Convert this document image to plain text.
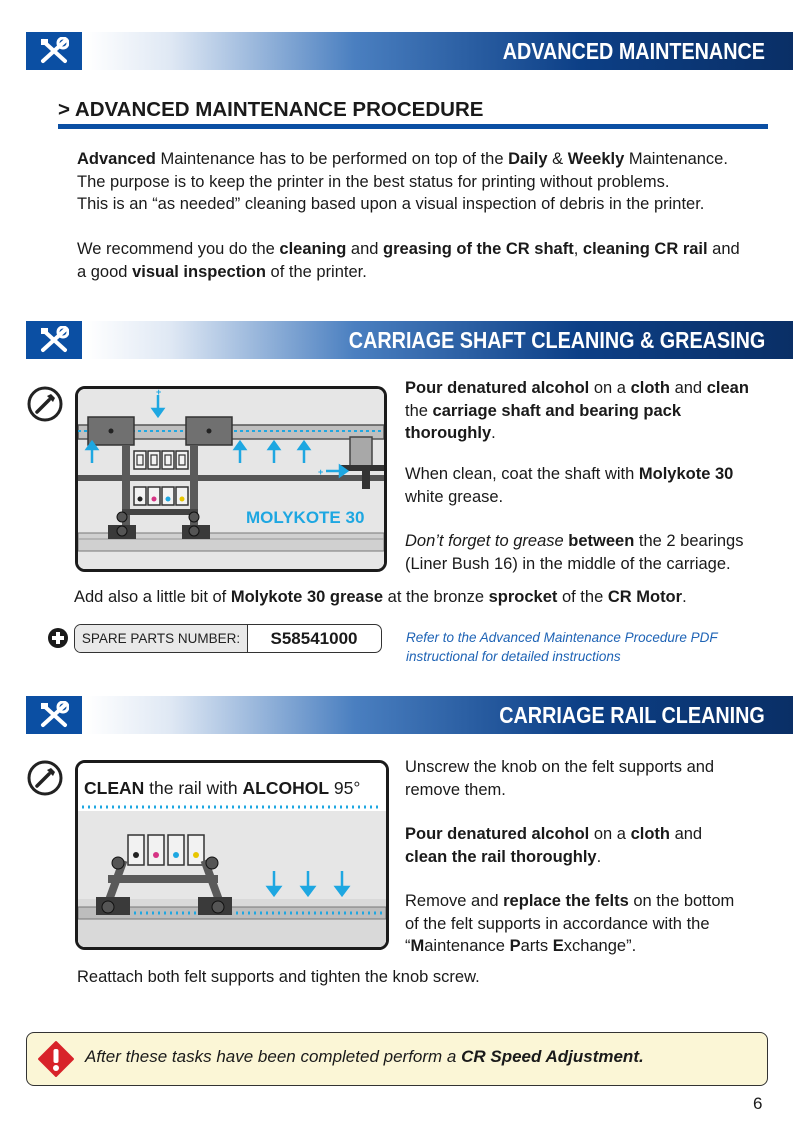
ADVANCED MAINTENANCE
> ADVANCED MAINTENANCE PROCEDURE

Advanced Maintenance has to be performed on top of the Daily & Weekly Maintenance.

The purpose is to keep the printer in the best status for printing without problems.

This is an “as needed” cleaning based upon a visual inspection of debris in the printer.

We recommend you do the cleaning and greasing of the CR shaft, cleaning CR rail and

a good visual inspection of the printer.

CARRIAGE SHAFT CLEANING & GREASING
+
+
MOLYKOTE 30

Pour denatured alcohol on a cloth and clean

the carriage shaft and bearing pack

thoroughly.

When clean, coat the shaft with Molykote 30

white grease.

Don’t forget to grease between the 2 bearings

(Liner Bush 16) in the middle of the carriage.

Add also a little bit of Molykote 30 grease at the bronze sprocket of the CR Motor.

SPARE PARTS NUMBER:	S58541000	Refer to the Advanced Maintenance Procedure PDF
instructional for detailed instructions
CARRIAGE RAIL CLEANING
CLEAN the rail with ALCOHOL 95°

Unscrew the knob on the felt supports and

remove them.

Pour denatured alcohol on a cloth and

clean the rail thoroughly.

Remove and replace the felts on the bottom

of the felt supports in accordance with the

“Maintenance Parts Exchange”.

Reattach both felt supports and tighten the knob screw.
After these tasks have been completed perform a CR Speed Adjustment.
6
